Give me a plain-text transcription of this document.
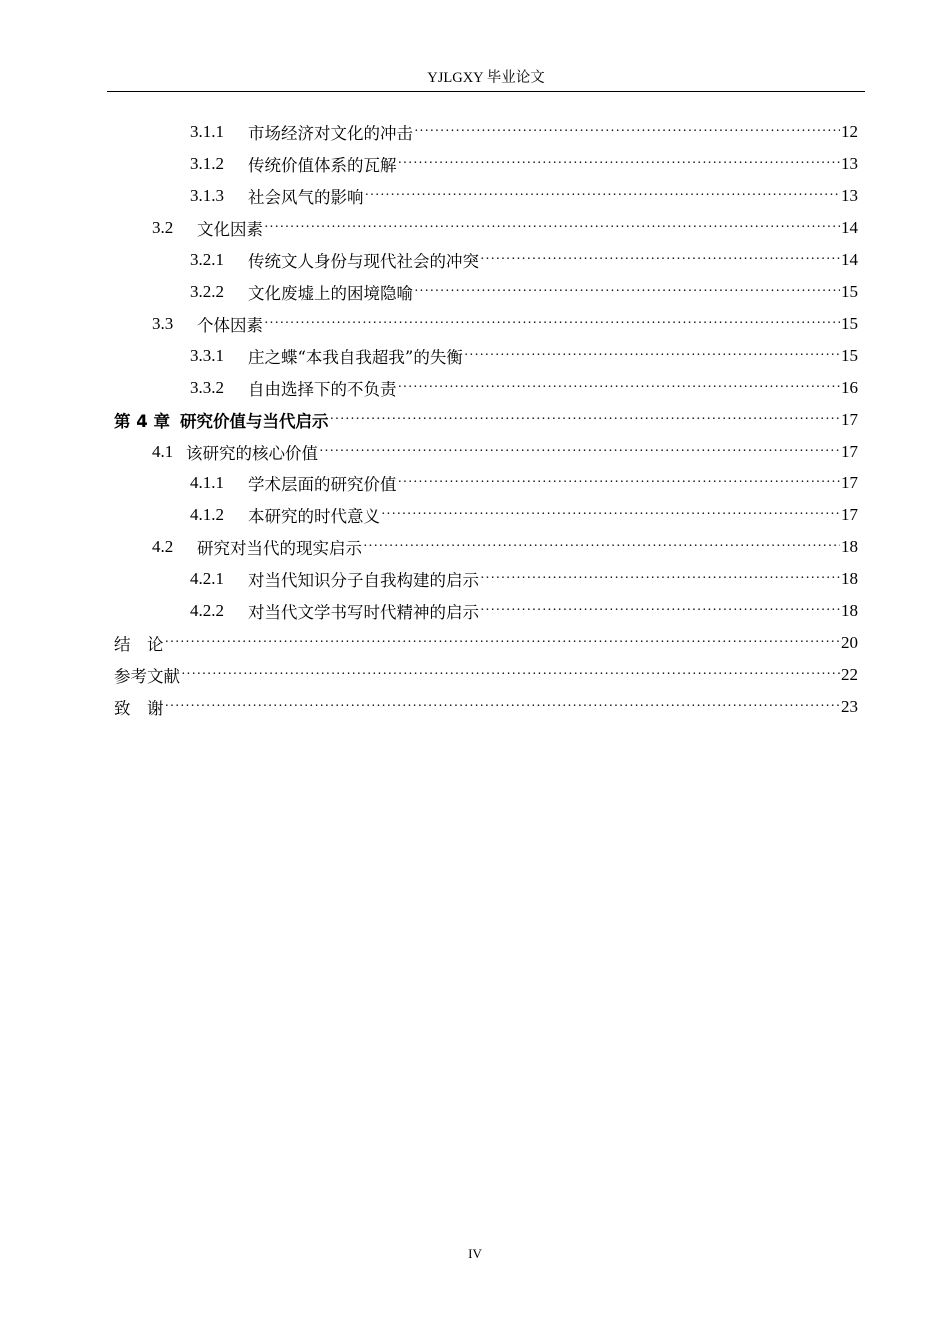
YJLGXY 毕业论文
3.1.1	市场经济对文化的冲击 ·····	12
3.1.2	传统价值体系的瓦解 ·····	13
3.1.3	社会风气的影响 ·····	13
3.2	文化因素 ·····	14
3.2.1	传统文人身份与现代社会的冲突 ·····	14
3.2.2	文化废墟上的困境隐喻 ·····	15
3.3	个体因素 ·····	15
3.3.1	庄之蝶“本我自我超我”的失衡 ·····	15
3.3.2	自由选择下的不负责 ·····	16
第 4 章 研究价值与当代启示 ·····	17
4.1 该研究的核心价值 ·····	17
4.1.1	学术层面的研究价值 ·····	17
4.1.2	本研究的时代意义 ·····	17
4.2	研究对当代的现实启示 ·····	18
4.2.1	对当代知识分子自我构建的启示 ·····	18
4.2.2	对当代文学书写时代精神的启示 ·····	18
结　论 ·····	20
参考文献 ·····	22
致　谢 ·····	23
IV
